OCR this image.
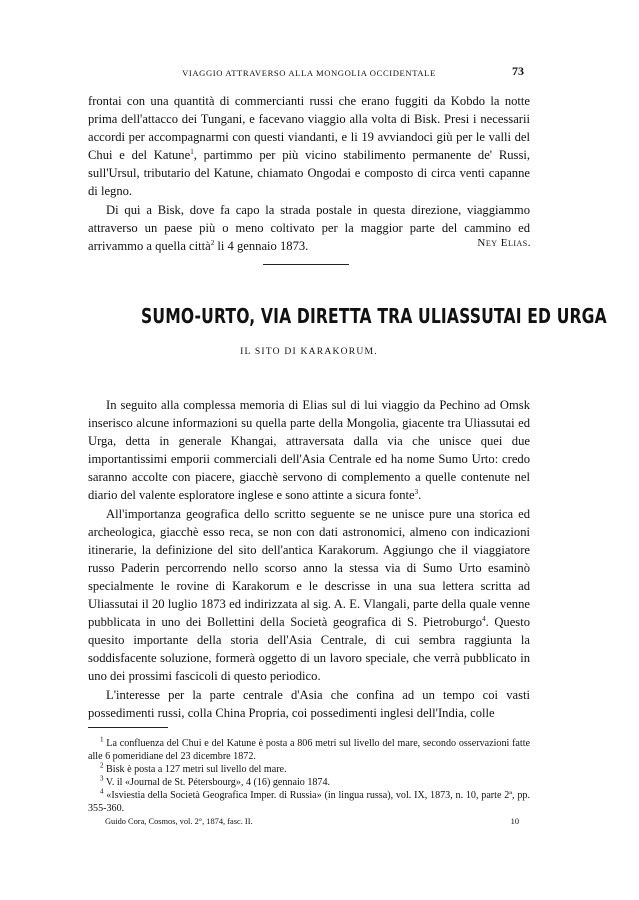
VIAGGIO ATTRAVERSO ALLA MONGOLIA OCCIDENTALE	73

frontai con una quantità di commercianti russi che erano fuggiti da Kobdo la notte prima dell'attacco dei Tungani, e facevano viaggio alla volta di Bisk. Presi i necessarii accordi per accompagnarmi con questi viandanti, e li 19 avviandoci giù per le valli del Chui e del Katune$^1$, partimmo per più vicino stabilimento permanente de' Russi, sull'Ursul, tributario del Katune, chiamato Ongodai e composto di circa venti capanne di legno.

Di qui a Bisk, dove fa capo la strada postale in questa direzione, viaggiammo attraverso un paese più o meno coltivato per la maggior parte del cammino ed arrivammo a quella città$^2$ li 4 gennaio 1873.	Ney Elias.
SUMO-URTO, VIA DIRETTA TRA ULIASSUTAI ED URGA
IL SITO DI KARAKORUM.

In seguito alla complessa memoria di Elias sul di lui viaggio da Pechino ad Omsk inserisco alcune informazioni su quella parte della Mongolia, giacente tra Uliassutai ed Urga, detta in generale Khangai, attraversata dalla via che unisce quei due importantissimi emporii commerciali dell'Asia Centrale ed ha nome Sumo Urto: credo saranno accolte con piacere, giacchè servono di complemento a quelle contenute nel diario del valente esploratore inglese e sono attinte a sicura fonte$^3$.

All'importanza geografica dello scritto seguente se ne unisce pure una storica ed archeologica, giacchè esso reca, se non con dati astronomici, almeno con indicazioni itinerarie, la definizione del sito dell'antica Karakorum. Aggiungo che il viaggiatore russo Paderin percorrendo nello scorso anno la stessa via di Sumo Urto esaminò specialmente le rovine di Karakorum e le descrisse in una sua lettera scritta ad Uliassutai il 20 luglio 1873 ed indirizzata al sig. A. E. Vlangali, parte della quale venne pubblicata in uno dei Bollettini della Società geografica di S. Pietroburgo$^4$. Questo quesito importante della storia dell'Asia Centrale, di cui sembra raggiunta la soddisfacente soluzione, formerà oggetto di un lavoro speciale, che verrà pubblicato in uno dei prossimi fascicoli di questo periodico.

L'interesse per la parte centrale d'Asia che confina ad un tempo coi vasti possedimenti russi, colla China Propria, coi possedimenti inglesi dell'India, colle

$^1$ La confluenza del Chui e del Katune è posta a 806 metri sul livello del mare, secondo osservazioni fatte alle 6 pomeridiane del 23 dicembre 1872.

$^2$ Bisk è posta a 127 metri sul livello del mare.

$^3$ V. il «Journal de St. Pétersbourg», 4 (16) gennaio 1874.

$^4$ «Isviestia della Società Geografica Imper. di Russia» (in lingua russa), vol. IX, 1873, n. 10, parte 2ª, pp. 355-360.

Guido Cora, Cosmos, vol. 2°, 1874, fasc. II.	10
